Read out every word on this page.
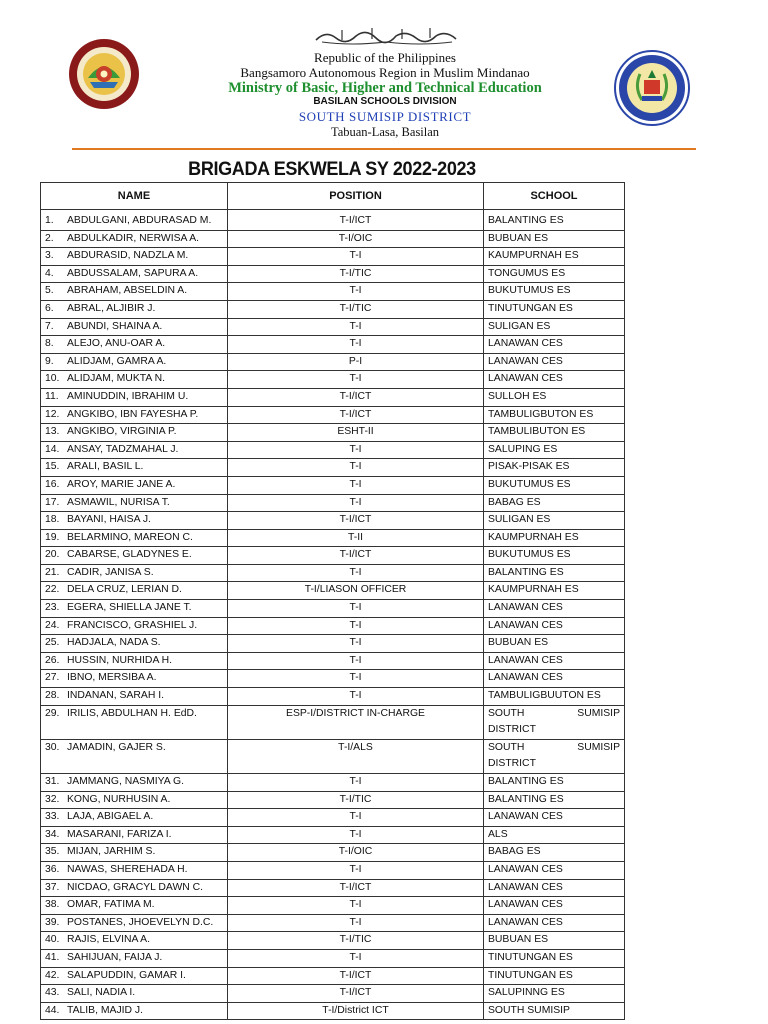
Republic of the Philippines
Bangsamoro Autonomous Region in Muslim Mindanao
Ministry of Basic, Higher and Technical Education
BASILAN SCHOOLS DIVISION
SOUTH SUMISIP DISTRICT
Tabuan-Lasa, Basilan
BRIGADA ESKWELA SY 2022-2023
NAME	POSITION	SCHOOL
1. ABDULGANI, ABDURASAD M.	T-I/ICT	BALANTING ES
2. ABDULKADIR, NERWISA A.	T-I/OIC	BUBUAN ES
3. ABDURASID, NADZLA M.	T-I	KAUMPURNAH ES
4. ABDUSSALAM, SAPURA A.	T-I/TIC	TONGUMUS ES
5. ABRAHAM, ABSELDIN A.	T-I	BUKUTUMUS ES
6. ABRAL, ALJIBIR J.	T-I/TIC	TINUTUNGAN ES
7. ABUNDI, SHAINA A.	T-I	SULIGAN ES
8. ALEJO, ANU-OAR A.	T-I	LANAWAN CES
9. ALIDJAM, GAMRA A.	P-I	LANAWAN CES
10. ALIDJAM, MUKTA N.	T-I	LANAWAN CES
11. AMINUDDIN, IBRAHIM U.	T-I/ICT	SULLOH ES
12. ANGKIBO, IBN FAYESHA P.	T-I/ICT	TAMBULIGBUTON ES
13. ANGKIBO, VIRGINIA P.	ESHT-II	TAMBULIBUTON ES
14. ANSAY, TADZMAHAL J.	T-I	SALUPING ES
15. ARALI, BASIL L.	T-I	PISAK-PISAK ES
16. AROY, MARIE JANE A.	T-I	BUKUTUMUS ES
17. ASMAWIL, NURISA T.	T-I	BABAG ES
18. BAYANI, HAISA J.	T-I/ICT	SULIGAN ES
19. BELARMINO, MAREON C.	T-II	KAUMPURNAH ES
20. CABARSE, GLADYNES E.	T-I/ICT	BUKUTUMUS ES
21. CADIR, JANISA S.	T-I	BALANTING ES
22. DELA CRUZ, LERIAN D.	T-I/LIASON OFFICER	KAUMPURNAH ES
23. EGERA, SHIELLA JANE T.	T-I	LANAWAN CES
24. FRANCISCO, GRASHIEL J.	T-I	LANAWAN CES
25. HADJALA, NADA S.	T-I	BUBUAN ES
26. HUSSIN, NURHIDA H.	T-I	LANAWAN CES
27. IBNO, MERSIBA A.	T-I	LANAWAN CES
28. INDANAN, SARAH I.	T-I	TAMBULIGBUUTON ES
29. IRILIS, ABDULHAN H. EdD.	ESP-I/DISTRICT IN-CHARGE	SOUTH SUMISIP DISTRICT
30. JAMADIN, GAJER S.	T-I/ALS	SOUTH SUMISIP DISTRICT
31. JAMMANG, NASMIYA G.	T-I	BALANTING ES
32. KONG, NURHUSIN A.	T-I/TIC	BALANTING ES
33. LAJA, ABIGAEL A.	T-I	LANAWAN CES
34. MASARANI, FARIZA I.	T-I	ALS
35. MIJAN, JARHIM S.	T-I/OIC	BABAG ES
36. NAWAS, SHEREHADA H.	T-I	LANAWAN CES
37. NICDAO, GRACYL DAWN C.	T-I/ICT	LANAWAN CES
38. OMAR, FATIMA M.	T-I	LANAWAN CES
39. POSTANES, JHOEVELYN D.C.	T-I	LANAWAN CES
40. RAJIS, ELVINA A.	T-I/TIC	BUBUAN ES
41. SAHIJUAN, FAIJA J.	T-I	TINUTUNGAN ES
42. SALAPUDDIN, GAMAR I.	T-I/ICT	TINUTUNGAN ES
43. SALI, NADIA I.	T-I/ICT	SALUPINNG ES
44. TALIB, MAJID J.	T-I/District ICT	SOUTH SUMISIP
